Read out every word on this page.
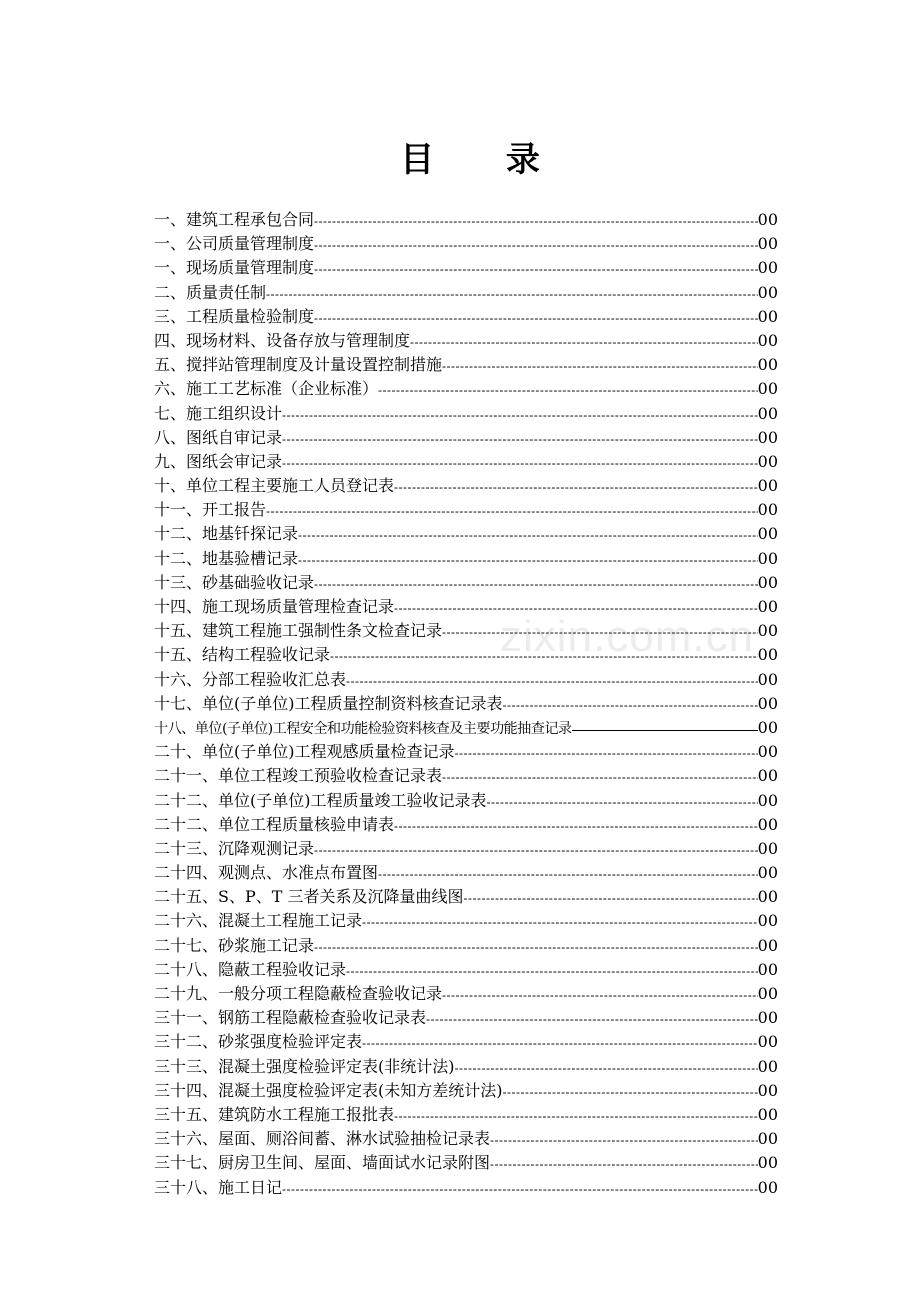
目 录
zixin.com.cn
一、建筑工程承包合同 -----	00
一、公司质量管理制度 -----	00
一、现场质量管理制度 -----	00
二、质量责任制 -----	00
三、工程质量检验制度 -----	00
四、现场材料、设备存放与管理制度 -----	00
五、搅拌站管理制度及计量设置控制措施 -----	00
六、施工工艺标准（企业标准） -----	00
七、施工组织设计 -----	00
八、图纸自审记录 -----	00
九、图纸会审记录 -----	00
十、单位工程主要施工人员登记表 -----	00
十一、开工报告 -----	00
十二、地基钎探记录 -----	00
十二、地基验槽记录 -----	00
十三、砂基础验收记录 -----	00
十四、施工现场质量管理检查记录 -----	00
十五、建筑工程施工强制性条文检查记录 -----	00
十五、结构工程验收记录 -----	00
十六、分部工程验收汇总表 -----	00
十七、单位(子单位)工程质量控制资料核查记录表 -----	00
十八、单位(子单位)工程安全和功能检验资料核查及主要功能抽查记录	00
二十、单位(子单位)工程观感质量检查记录 -----	00
二十一、单位工程竣工预验收检查记录表 -----	00
二十二、单位(子单位)工程质量竣工验收记录表 -----	00
二十二、单位工程质量核验申请表 -----	00
二十三、沉降观测记录 -----	00
二十四、观测点、水准点布置图 -----	00
二十五、S、P、T 三者关系及沉降量曲线图 -----	00
二十六、混凝土工程施工记录 -----	00
二十七、砂浆施工记录 -----	00
二十八、隐蔽工程验收记录 -----	00
二十九、一般分项工程隐蔽检查验收记录 -----	00
三十一、钢筋工程隐蔽检查验收记录表 -----	00
三十二、砂浆强度检验评定表 -----	00
三十三、混凝土强度检验评定表(非统计法) -----	00
三十四、混凝土强度检验评定表(未知方差统计法) -----	00
三十五、建筑防水工程施工报批表 -----	00
三十六、屋面、厕浴间蓄、淋水试验抽检记录表 -----	00
三十七、厨房卫生间、屋面、墙面试水记录附图 -----	00
三十八、施工日记 -----	00
